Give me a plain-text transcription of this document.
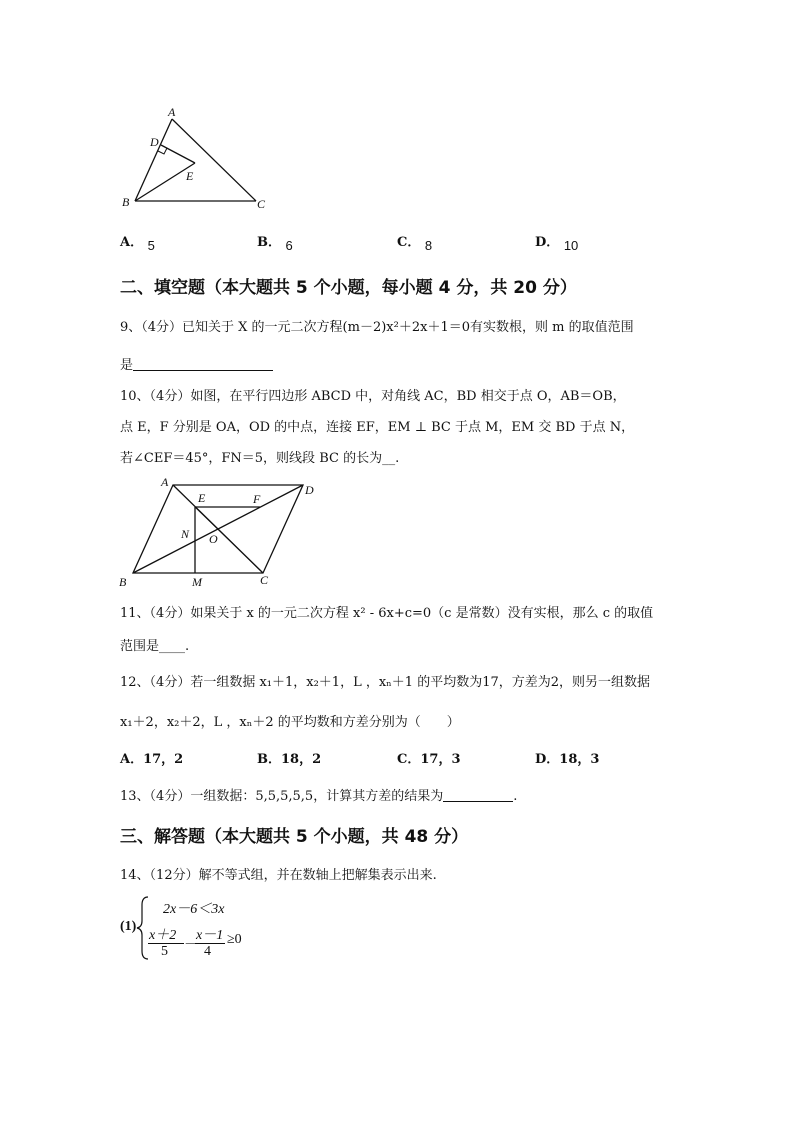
A
D
E
B	C
A． 5	B． 6	C． 8	D． 10
二、填空题（本大题共 5 个小题，每小题 4 分，共 20 分）
9、（4分）已知关于 X 的一元二次方程(m－2)x²＋2x＋1＝0有实数根，则 m 的取值范围
是
10、（4分）如图，在平行四边形 ABCD 中，对角线 AC，BD 相交于点 O，AB＝OB，
点 E，F 分别是 OA，OD 的中点，连接 EF，EM ⊥ BC 于点 M，EM 交 BD 于点 N，
若∠CEF＝45°，FN＝5，则线段 BC 的长为__.
A
E	F
D
N O
B	M	C
11、（4分）如果关于 x 的一元二次方程 x² - 6x+c=0（c 是常数）没有实根，那么 c 的取值
范围是____.
12、（4分）若一组数据 x₁＋1，x₂＋1，L ，xₙ＋1 的平均数为17，方差为2，则另一组数据
x₁＋2，x₂＋2，L ，xₙ＋2 的平均数和方差分别为（　　）
A．17，2	B．18，2	C．17，3	D．18，3
13、（4分）一组数据：5,5,5,5,5，计算其方差的结果为	.
三、解答题（本大题共 5 个小题，共 48 分）
14、（12分）解不等式组，并在数轴上把解集表示出来.
(1)
2x－6＜3x
x＋2
5 －
x－1
4
≥0
